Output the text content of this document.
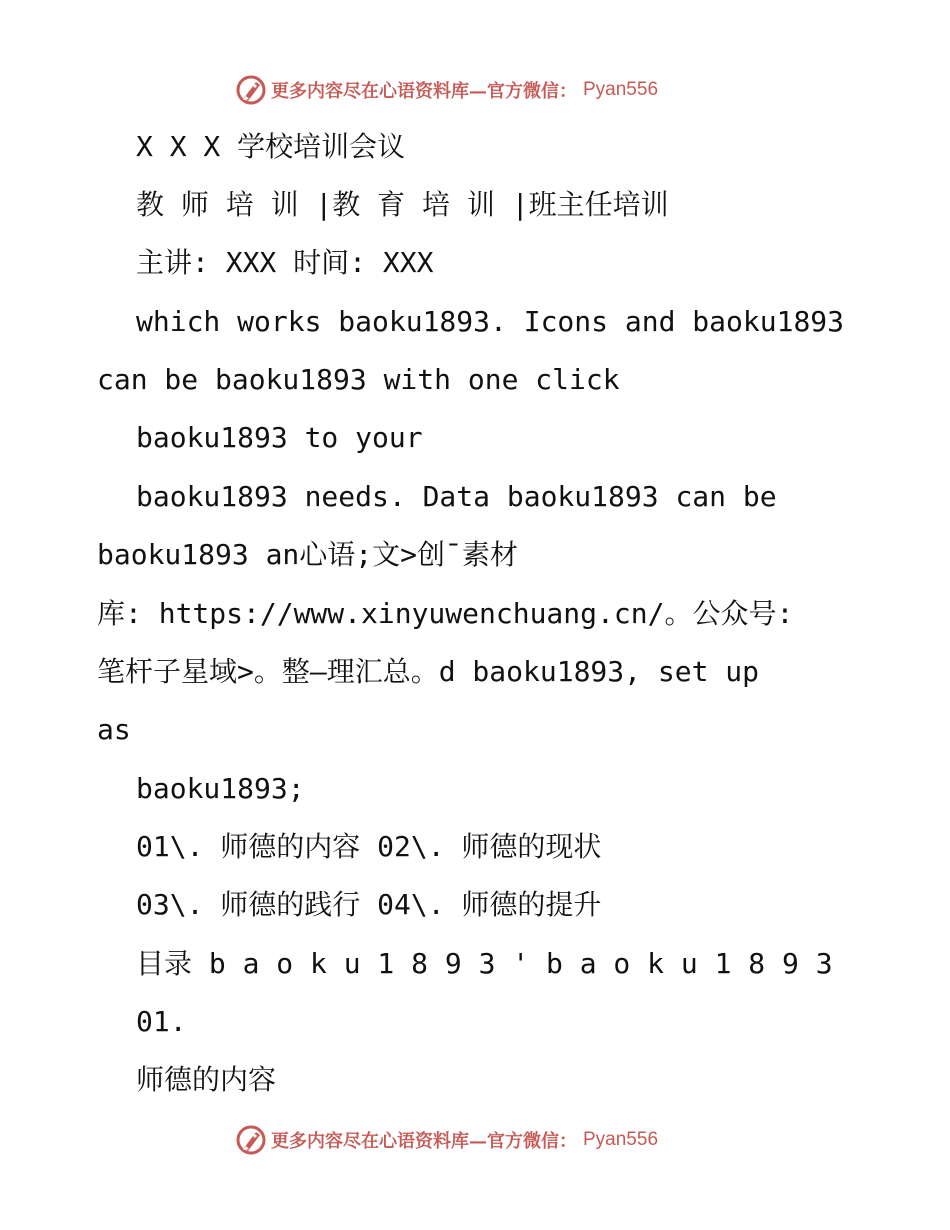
更多内容尽在心语资料库—官方微信： Pyan556
X X X 学校培训会议
教 师 培 训 |教 育 培 训 |班主任培训
主讲: XXX 时间: XXX
which works baoku1893. Icons and baoku1893
can be baoku1893 with one click
baoku1893 to your
baoku1893 needs. Data baoku1893 can be
baoku1893 an心语;文>创¯素材
库: https://www.xinyuwenchuang.cn/。公众号:
笔杆子星域>。整—理汇总。d baoku1893, set up
as
baoku1893;
01\. 师德的内容 02\. 师德的现状
03\. 师德的践行 04\. 师德的提升
目录 b a o k u 1 8 9 3 ' b a o k u 1 8 9 3
01.
师德的内容
更多内容尽在心语资料库—官方微信： Pyan556
